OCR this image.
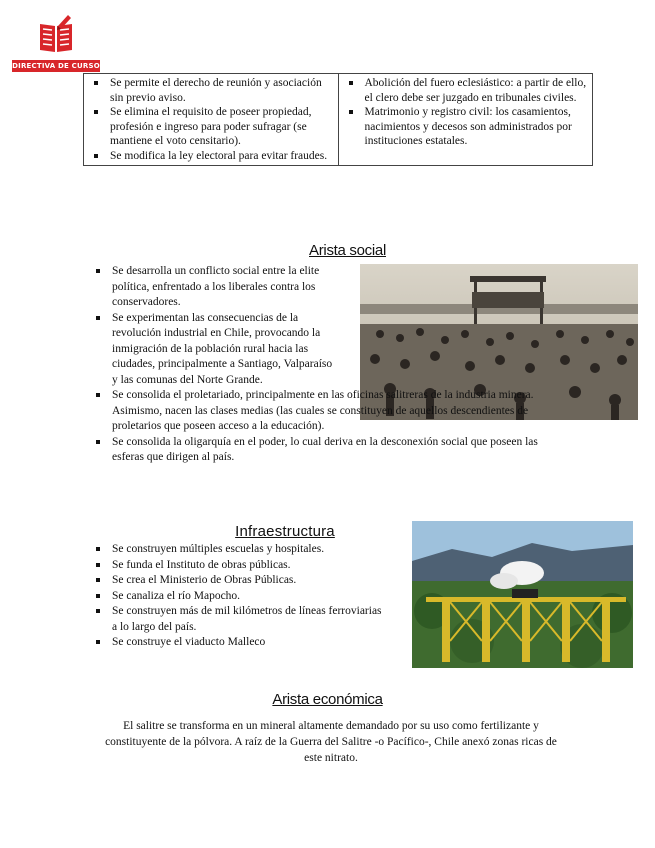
DIRECTIVA DE CURSO
Se permite el derecho de reunión y asociación sin previo aviso.
Se elimina el requisito de poseer propiedad, profesión e ingreso para poder sufragar (se mantiene el voto censitario).
Se modifica la ley electoral para evitar fraudes.

Abolición del fuero eclesiástico: a partir de ello, el clero debe ser juzgado en tribunales civiles.
Matrimonio y registro civil: los casamientos, nacimientos y decesos son administrados por instituciones estatales.
Arista social
Se desarrolla un conflicto social entre la elite política, enfrentado a los liberales contra los conservadores.
Se experimentan las consecuencias de la revolución industrial en Chile, provocando la inmigración de la población rural hacia las ciudades, principalmente a Santiago, Valparaíso y las comunas del Norte Grande.
Se consolida el proletariado, principalmente en las oficinas salitreras de la industria minera. Asimismo, nacen las clases medias (las cuales se constituyen de aquellos descendientes de proletarios que poseen acceso a la educación).
Se consolida la oligarquía en el poder, lo cual deriva en la desconexión social que poseen las esferas que dirigen al país.
Infraestructura
Se construyen múltiples escuelas y hospitales.
Se funda el Instituto de obras públicas.
Se crea el Ministerio de Obras Públicas.
Se canaliza el río Mapocho.
Se construyen más de mil kilómetros de líneas ferroviarias a lo largo del país.
Se construye el viaducto Malleco
Arista económica
El salitre se transforma en un mineral altamente demandado por su uso como fertilizante y constituyente de la pólvora. A raíz de la Guerra del Salitre -o Pacífico-, Chile anexó zonas ricas de este nitrato.
